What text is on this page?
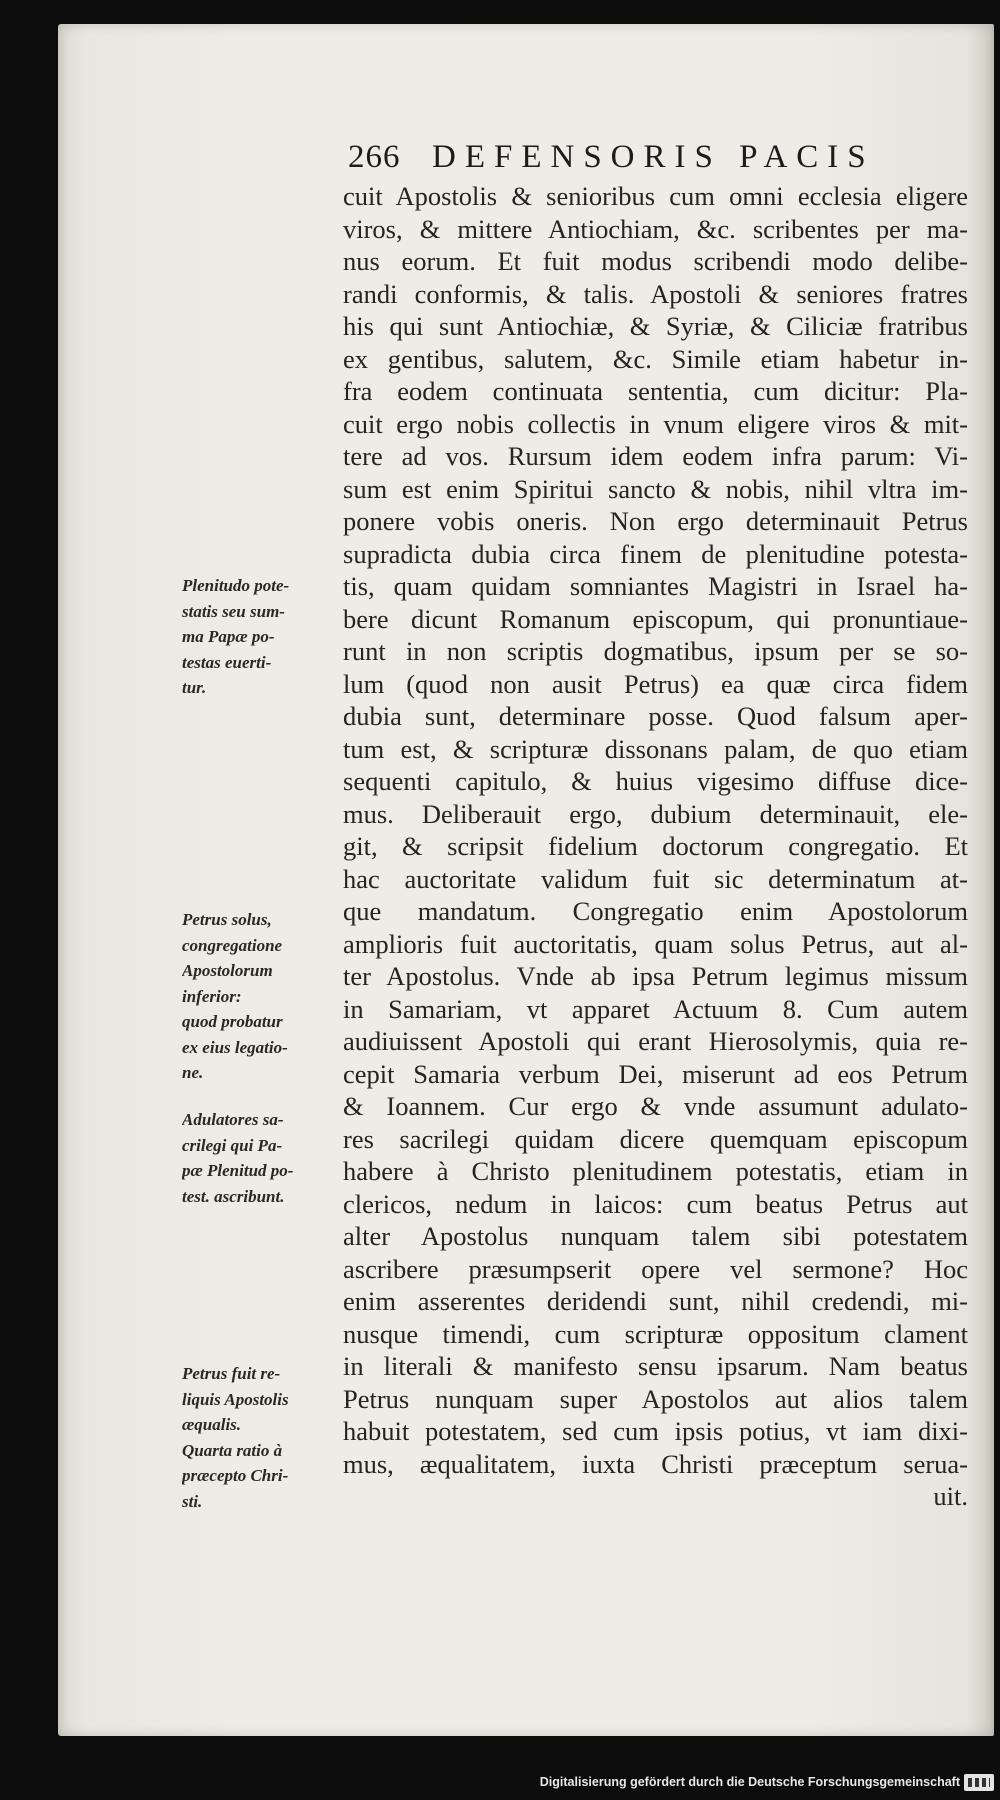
266 DEFENSORIS PACIS
cuit Apostolis & senioribus cum omni ecclesia eligere
viros, & mittere Antiochiam, &c. scribentes per ma-
nus eorum. Et fuit modus scribendi modo delibe-
randi conformis, & talis. Apostoli & seniores fratres
his qui sunt Antiochiæ, & Syriæ, & Ciliciæ fratribus
ex gentibus, salutem, &c. Simile etiam habetur in-
fra eodem continuata sententia, cum dicitur: Pla-
cuit ergo nobis collectis in vnum eligere viros & mit-
tere ad vos. Rursum idem eodem infra parum: Vi-
sum est enim Spiritui sancto & nobis, nihil vltra im-
ponere vobis oneris. Non ergo determinauit Petrus
supradicta dubia circa finem de plenitudine potesta-
tis, quam quidam somniantes Magistri in Israel ha-
bere dicunt Romanum episcopum, qui pronuntiaue-
runt in non scriptis dogmatibus, ipsum per se so-
lum (quod non ausit Petrus) ea quæ circa fidem
dubia sunt, determinare posse. Quod falsum aper-
tum est, & scripturæ dissonans palam, de quo etiam
sequenti capitulo, & huius vigesimo diffuse dice-
mus. Deliberauit ergo, dubium determinauit, ele-
git, & scripsit fidelium doctorum congregatio. Et
hac auctoritate validum fuit sic determinatum at-
que mandatum. Congregatio enim Apostolorum
amplioris fuit auctoritatis, quam solus Petrus, aut al-
ter Apostolus. Vnde ab ipsa Petrum legimus missum
in Samariam, vt apparet Actuum 8. Cum autem
audiuissent Apostoli qui erant Hierosolymis, quia re-
cepit Samaria verbum Dei, miserunt ad eos Petrum
& Ioannem. Cur ergo & vnde assumunt adulato-
res sacrilegi quidam dicere quemquam episcopum
habere à Christo plenitudinem potestatis, etiam in
clericos, nedum in laicos: cum beatus Petrus aut
alter Apostolus nunquam talem sibi potestatem
ascribere præsumpserit opere vel sermone? Hoc
enim asserentes deridendi sunt, nihil credendi, mi-
nusque timendi, cum scripturæ oppositum clament
in literali & manifesto sensu ipsarum. Nam beatus
Petrus nunquam super Apostolos aut alios talem
habuit potestatem, sed cum ipsis potius, vt iam dixi-
mus, æqualitatem, iuxta Christi præceptum serua-
uit.
Plenitudo pote-
statis seu sum-
ma Papæ po-
testas euerti-
tur.
Petrus solus,
congregatione
Apostolorum
inferior:
quod probatur
ex eius legatio-
ne.
Adulatores sa-
crilegi qui Pa-
pæ Plenitud po-
test. ascribunt.
Petrus fuit re-
liquis Apostolis
æqualis.
Quarta ratio à
præcepto Chri-
sti.
Digitalisierung gefördert durch die Deutsche Forschungsgemeinschaft
